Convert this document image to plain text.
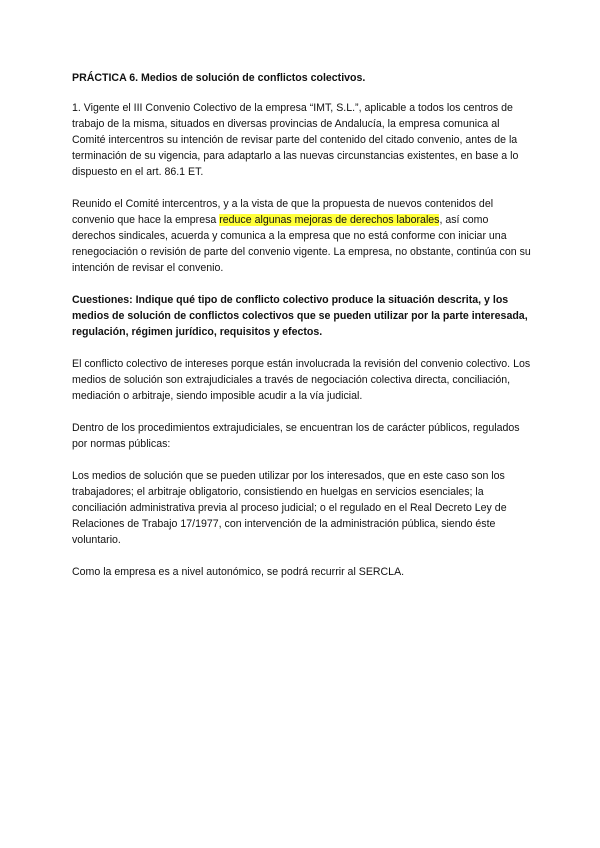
PRÁCTICA 6. Medios de solución de conflictos colectivos.

1. Vigente el III Convenio Colectivo de la empresa “IMT, S.L.”, aplicable a todos los centros de trabajo de la misma, situados en diversas provincias de Andalucía, la empresa comunica al Comité intercentros su intención de revisar parte del contenido del citado convenio, antes de la terminación de su vigencia, para adaptarlo a las nuevas circunstancias existentes, en base a lo dispuesto en el art. 86.1 ET.

Reunido el Comité intercentros, y a la vista de que la propuesta de nuevos contenidos del convenio que hace la empresa reduce algunas mejoras de derechos laborales, así como derechos sindicales, acuerda y comunica a la empresa que no está conforme con iniciar una renegociación o revisión de parte del convenio vigente. La empresa, no obstante, continúa con su intención de revisar el convenio.

Cuestiones: Indique qué tipo de conflicto colectivo produce la situación descrita, y los medios de solución de conflictos colectivos que se pueden utilizar por la parte interesada, regulación, régimen jurídico, requisitos y efectos.

El conflicto colectivo de intereses porque están involucrada la revisión del convenio colectivo. Los medios de solución son extrajudiciales a través de negociación colectiva directa, conciliación, mediación o arbitraje, siendo imposible acudir a la vía judicial.

Dentro de los procedimientos extrajudiciales, se encuentran los de carácter públicos, regulados por normas públicas:

Los medios de solución que se pueden utilizar por los interesados, que en este caso son los trabajadores; el arbitraje obligatorio, consistiendo en huelgas en servicios esenciales; la conciliación administrativa previa al proceso judicial; o el regulado en el Real Decreto Ley de Relaciones de Trabajo 17/1977, con intervención de la administración pública, siendo éste voluntario.

Como la empresa es a nivel autonómico, se podrá recurrir al SERCLA.
